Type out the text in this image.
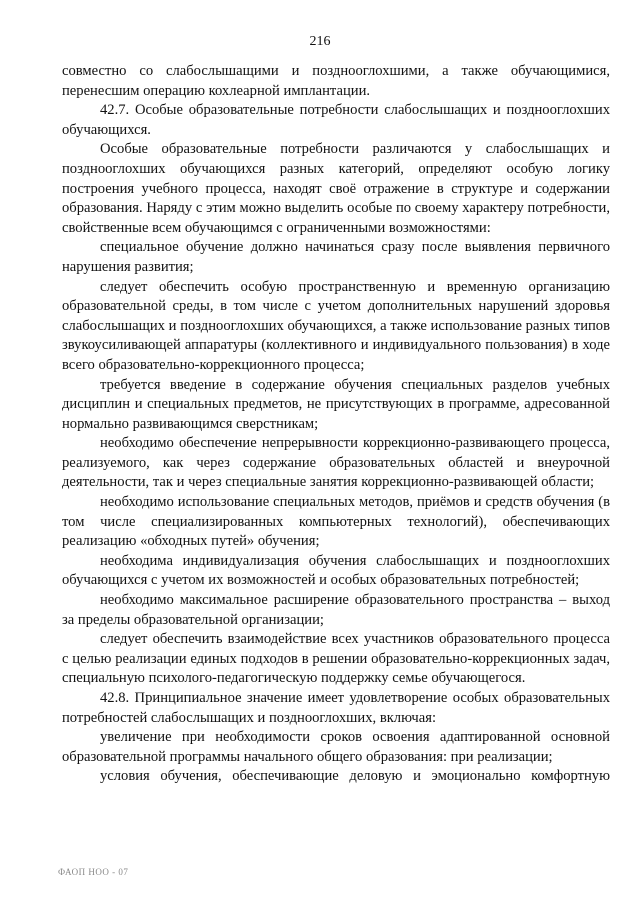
216

совместно со слабослышащими и позднооглохшими, а также обучающимися, перенесшим операцию кохлеарной имплантации.

42.7. Особые образовательные потребности слабослышащих и позднооглохших обучающихся.

Особые образовательные потребности различаются у слабослышащих и позднооглохших обучающихся разных категорий, определяют особую логику построения учебного процесса, находят своё отражение в структуре и содержании образования. Наряду с этим можно выделить особые по своему характеру потребности, свойственные всем обучающимся с ограниченными возможностями:

специальное обучение должно начинаться сразу после выявления первичного нарушения развития;

следует обеспечить особую пространственную и временную организацию образовательной среды, в том числе с учетом дополнительных нарушений здоровья слабослышащих и позднооглохших обучающихся, а также использование разных типов звукоусиливающей аппаратуры (коллективного и индивидуального пользования) в ходе всего образовательно-коррекционного процесса;

требуется введение в содержание обучения специальных разделов учебных дисциплин и специальных предметов, не присутствующих в программе, адресованной нормально развивающимся сверстникам;

необходимо обеспечение непрерывности коррекционно-развивающего процесса, реализуемого, как через содержание образовательных областей и внеурочной деятельности, так и через специальные занятия коррекционно-развивающей области;

необходимо использование специальных методов, приёмов и средств обучения (в том числе специализированных компьютерных технологий), обеспечивающих реализацию «обходных путей» обучения;

необходима индивидуализация обучения слабослышащих и позднооглохших обучающихся с учетом их возможностей и особых образовательных потребностей;

необходимо максимальное расширение образовательного пространства – выход за пределы образовательной организации;

следует обеспечить взаимодействие всех участников образовательного процесса с целью реализации единых подходов в решении образовательно-коррекционных задач, специальную психолого-педагогическую поддержку семье обучающегося.

42.8. Принципиальное значение имеет удовлетворение особых образовательных потребностей слабослышащих и позднооглохших, включая:

увеличение при необходимости сроков освоения адаптированной основной образовательной программы начального общего образования: при реализации;

условия обучения, обеспечивающие деловую и эмоционально комфортную

ФАОП НОО - 07
